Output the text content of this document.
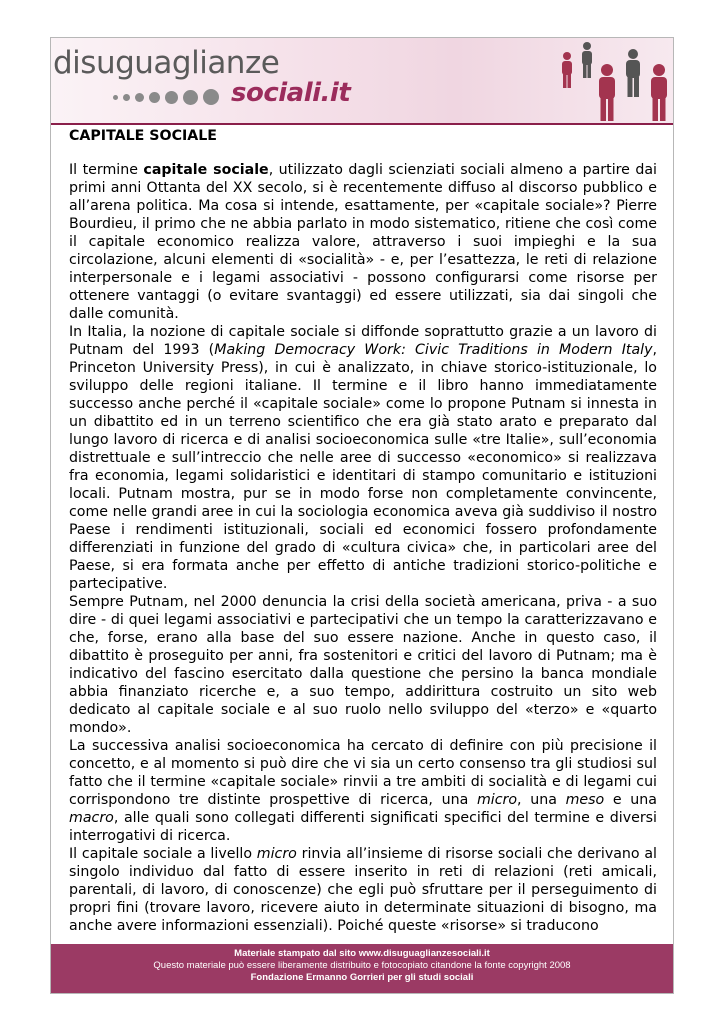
disuguaglianze
sociali.it
CAPITALE SOCIALE

Il termine capitale sociale, utilizzato dagli scienziati sociali almeno a partire dai primi anni Ottanta del XX secolo, si è recentemente diffuso al discorso pubblico e all’arena politica. Ma cosa si intende, esattamente, per «capitale sociale»? Pierre Bourdieu, il primo che ne abbia parlato in modo sistematico, ritiene che così come il capitale economico realizza valore, attraverso i suoi impieghi e la sua circolazione, alcuni elementi di «socialità» - e, per l’esattezza, le reti di relazione interpersonale e i legami associativi - possono configurarsi come risorse per ottenere vantaggi (o evitare svantaggi) ed essere utilizzati, sia dai singoli che dalle comunità.

In Italia, la nozione di capitale sociale si diffonde soprattutto grazie a un lavoro di Putnam del 1993 (Making Democracy Work: Civic Traditions in Modern Italy, Princeton University Press), in cui è analizzato, in chiave storico-istituzionale, lo sviluppo delle regioni italiane. Il termine e il libro hanno immediatamente successo anche perché il «capitale sociale» come lo propone Putnam si innesta in un dibattito ed in un terreno scientifico che era già stato arato e preparato dal lungo lavoro di ricerca e di analisi socioeconomica sulle «tre Italie», sull’economia distrettuale e sull’intreccio che nelle aree di successo «economico» si realizzava fra economia, legami solidaristici e identitari di stampo comunitario e istituzioni locali. Putnam mostra, pur se in modo forse non completamente convincente, come nelle grandi aree in cui la sociologia economica aveva già suddiviso il nostro Paese i rendimenti istituzionali, sociali ed economici fossero profondamente differenziati in funzione del grado di «cultura civica» che, in particolari aree del Paese, si era formata anche per effetto di antiche tradizioni storico-politiche e partecipative.

Sempre Putnam, nel 2000 denuncia la crisi della società americana, priva - a suo dire - di quei legami associativi e partecipativi che un tempo la caratterizzavano e che, forse, erano alla base del suo essere nazione. Anche in questo caso, il dibattito è proseguito per anni, fra sostenitori e critici del lavoro di Putnam; ma è indicativo del fascino esercitato dalla questione che persino la banca mondiale abbia finanziato ricerche e, a suo tempo, addirittura costruito un sito web dedicato al capitale sociale e al suo ruolo nello sviluppo del «terzo» e «quarto mondo».

La successiva analisi socioeconomica ha cercato di definire con più precisione il concetto, e al momento si può dire che vi sia un certo consenso tra gli studiosi sul fatto che il termine «capitale sociale» rinvii a tre ambiti di socialità e di legami cui corrispondono tre distinte prospettive di ricerca, una micro, una meso e una macro, alle quali sono collegati differenti significati specifici del termine e diversi interrogativi di ricerca.

Il capitale sociale a livello micro rinvia all’insieme di risorse sociali che derivano al singolo individuo dal fatto di essere inserito in reti di relazioni (reti amicali, parentali, di lavoro, di conoscenze) che egli può sfruttare per il perseguimento di propri fini (trovare lavoro, ricevere aiuto in determinate situazioni di bisogno, ma anche avere informazioni essenziali). Poiché queste «risorse» si traducono

Materiale stampato dal sito www.disuguaglianzesociali.it
Questo materiale può essere liberamente distribuito e fotocopiato citandone la fonte copyright 2008
Fondazione Ermanno Gorrieri per gli studi sociali
